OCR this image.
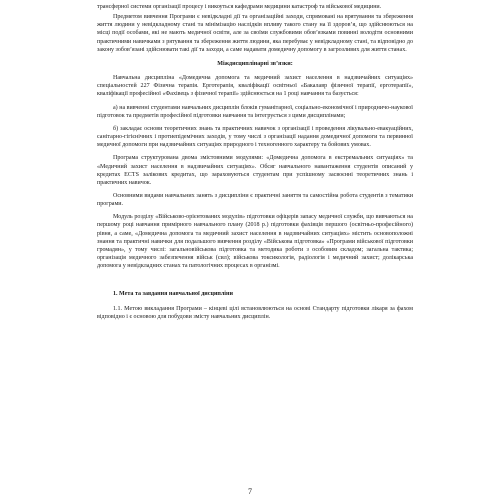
трансферної системи організації процесу і викоуться кафедрами медицини катастроф та військової медицини.

Предметом вивчення Програми є невідкладні дії та організаційні заходи, спрямовані на врятування та збереження життя людини у невідкладному стані та мінімізацію наслідків впливу такого стану на її здоров’я, що здійснюються на місці події особами, які не мають медичної освіти, але за своїми службовими обов’язками повинні володіти основними практичними навичками з рятування та збереження життя людини, яка перебуває у невідкладному стані, та відповідно до закону зобов’язані здійснювати такі дії та заходи, а саме надавати домедичну допомогу в загрозливих для життя станах.

Міждисциплінарні зв’язки:

Навчальна дисципліна «Домедична допомога та медичний захист населення в надзвичайних ситуаціях» спеціальностей 227 Фізична терапія. Ерготерапія, кваліфікації освітньої «Бакалавр фізичної терапії, ерготерапії», кваліфікації професійної «Фахівець з фізичної терапії» здійснюється на 1 році навчання та базується:

а) на вивченні студентами навчальних дисциплін блоків гуманітарної, соціально-економічної і природничо-наукової підготовок та предметів професійної підготовки навчання та інтегрується з цими дисциплінами;

б) закладає основи теоретичних знань та практичних навичок з організації і проведення лікувально-евакуаційних, санітарно-гігієнічних і протиепідемічних заходів, у тому числі з організації надання домедичної допомоги та первинної медичної допомоги при надзвичайних ситуаціях природного і техногенного характеру та бойових умовах.

Програма структурована двома змістовними модулями: «Домедична допомога в екстремальних ситуаціях» та «Медичний захист населення в надзвичайних ситуаціях». Обсяг навчального навантаження студентів описаний у кредитах ECTS залікових кредитах, що зараховуються студентам при успішному засвоєнні теоретичних знань і практичних навичок.

Основними видами навчальних занять з дисципліни є практичні заняття та самостійна робота студентів з тематики програми.

Модуль розділу «Військово-орієнтованих модулів» підготовки офіцерів запасу медичної служби, що вивчаються на першому році навчання примірного навчального плану (2018 р.) підготовки фахівців першого (освітньо-професійного) рівня, а саме, «Домедична допомога та медичний захист населення в надзвичайних ситуаціях» містить основоположні знання та практичні навички для подальшого вивчення розділу «Військова підготовка» «Програми військової підготовки громадян», у тому числі: загальновійськова підготовка та методика роботи з особовим складом; загальна тактика; організація медичного забезпечення військ (сил); військова токсикологія, радіологія і медичний захист; долікарська допомога у невідкладних станах та патологічних процесах в організмі.

1. Мета та завдання навчальної дисципліни

1.1. Метою викладання Програми – кінцеві цілі встановлюються на основі Стандарту підготовки лікаря за фахом відповідно і є основою для побудови змісту навчальних дисциплін.

7
